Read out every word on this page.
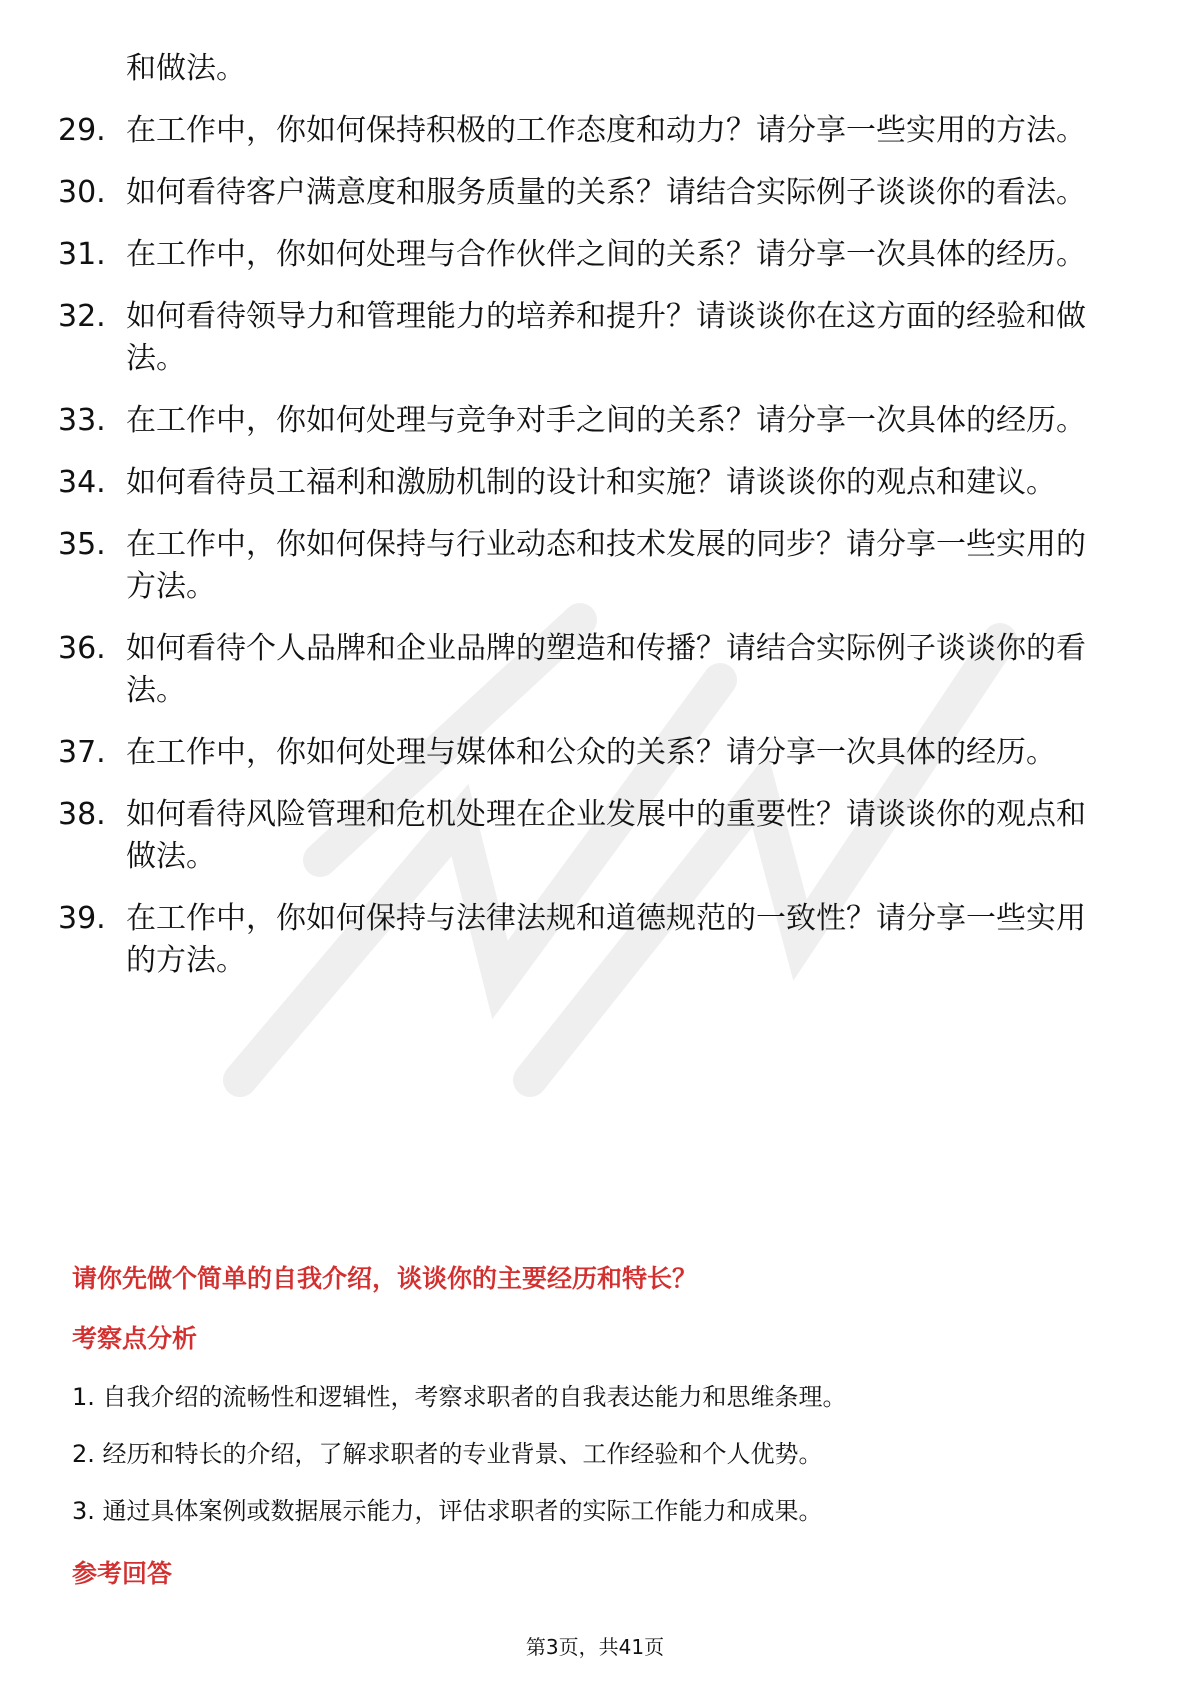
和做法。
29. 在工作中，你如何保持积极的工作态度和动力？请分享一些实用的方法。
30. 如何看待客户满意度和服务质量的关系？请结合实际例子谈谈你的看法。
31. 在工作中，你如何处理与合作伙伴之间的关系？请分享一次具体的经历。
32. 如何看待领导力和管理能力的培养和提升？请谈谈你在这方面的经验和做法。
33. 在工作中，你如何处理与竞争对手之间的关系？请分享一次具体的经历。
34. 如何看待员工福利和激励机制的设计和实施？请谈谈你的观点和建议。
35. 在工作中，你如何保持与行业动态和技术发展的同步？请分享一些实用的方法。
36. 如何看待个人品牌和企业品牌的塑造和传播？请结合实际例子谈谈你的看法。
37. 在工作中，你如何处理与媒体和公众的关系？请分享一次具体的经历。
38. 如何看待风险管理和危机处理在企业发展中的重要性？请谈谈你的观点和做法。
39. 在工作中，你如何保持与法律法规和道德规范的一致性？请分享一些实用的方法。
请你先做个简单的自我介绍，谈谈你的主要经历和特长？
考察点分析
1. 自我介绍的流畅性和逻辑性，考察求职者的自我表达能力和思维条理。
2. 经历和特长的介绍，了解求职者的专业背景、工作经验和个人优势。
3. 通过具体案例或数据展示能力，评估求职者的实际工作能力和成果。
参考回答
第3页，共41页
